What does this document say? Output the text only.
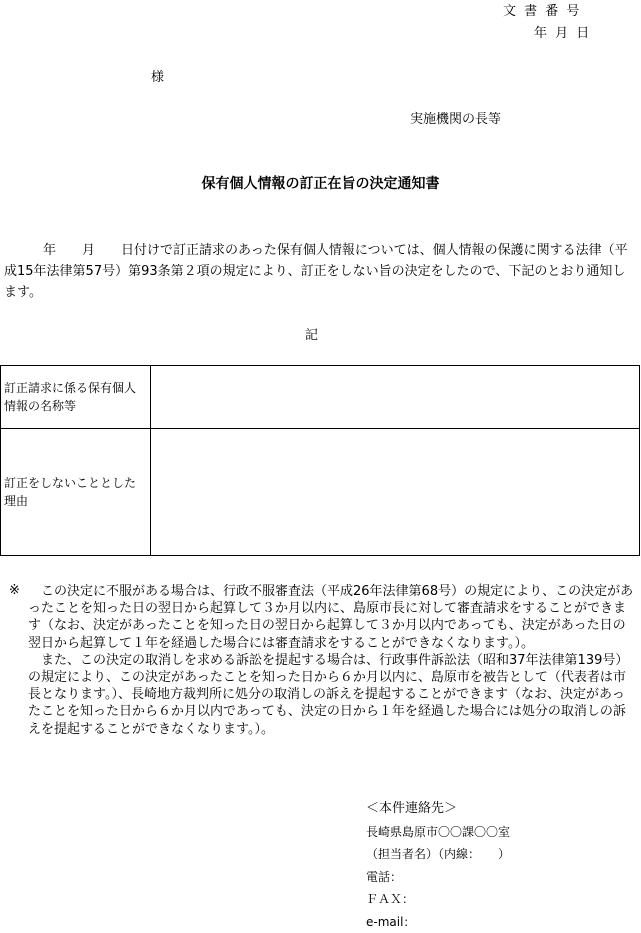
文 書 番 号
年 月 日
様
実施機関の長等
保有個人情報の訂正在旨の決定通知書
　　　年　　月　　日付けで訂正請求のあった保有個人情報については、個人情報の保護に関する法律（平成15年法律第57号）第93条第２項の規定により、訂正をしない旨の決定をしたので、下記のとおり通知します。
記
訂正請求に係る保有個人情報の名称等	
訂正をしないこととした理由	
※ 　この決定に不服がある場合は、行政不服審査法（平成26年法律第68号）の規定により、この決定があったことを知った日の翌日から起算して３か月以内に、島原市長に対して審査請求をすることができます（なお、決定があったことを知った日の翌日から起算して３か月以内であっても、決定があった日の翌日から起算して１年を経過した場合には審査請求をすることができなくなります。）。

　また、この決定の取消しを求める訴訟を提起する場合は、行政事件訴訟法（昭和37年法律第139号）の規定により、この決定があったことを知った日から６か月以内に、島原市を被告として（代表者は市長となります。）、長崎地方裁判所に処分の取消しの訴えを提起することができます（なお、決定があったことを知った日から６か月以内であっても、決定の日から１年を経過した場合には処分の取消しの訴えを提起することができなくなります。）。

＜本件連絡先＞
長崎県島原市〇〇課〇〇室
（担当者名）（内線：　　）
電話：
ＦＡＸ：
e-mail：
